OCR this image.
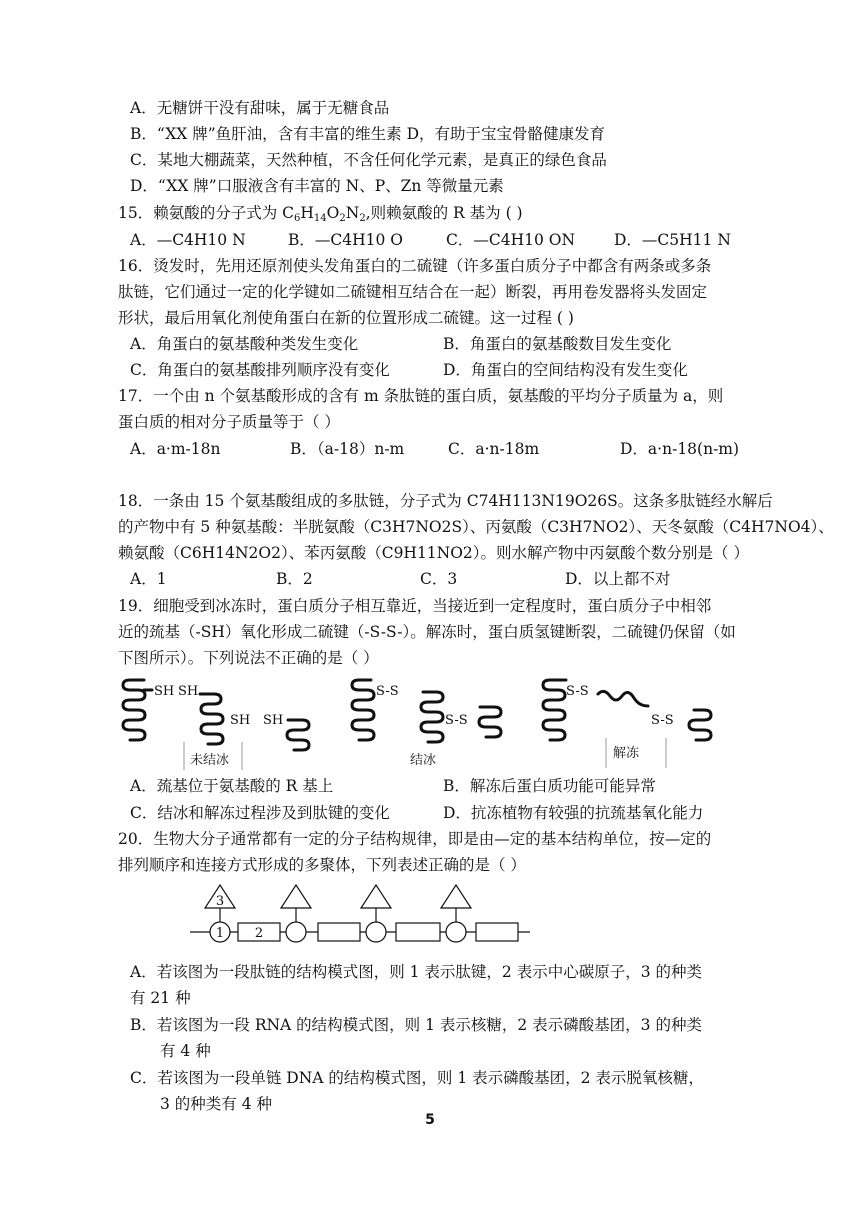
A．无糖饼干没有甜味，属于无糖食品
B．“XX 牌”鱼肝油，含有丰富的维生素 D，有助于宝宝骨骼健康发育
C．某地大棚蔬菜，天然种植，不含任何化学元素，是真正的绿色食品
D．“XX 牌”口服液含有丰富的 N、P、Zn 等微量元素
15．赖氨酸的分子式为 $C_6H_{14}O_2N_2$,则赖氨酸的 R 基为 ( )
A．—C4H10 N	B．—C4H10 O	C．—C4H10 ON	D．—C5H11 N
16．烫发时，先用还原剂使头发角蛋白的二硫键（许多蛋白质分子中都含有两条或多条
肽链，它们通过一定的化学键如二硫键相互结合在一起）断裂，再用卷发器将头发固定
形状，最后用氧化剂使角蛋白在新的位置形成二硫键。这一过程 ( )
A．角蛋白的氨基酸种类发生变化	B．角蛋白的氨基酸数目发生变化
C．角蛋白的氨基酸排列顺序没有变化	D．角蛋白的空间结构没有发生变化
17．一个由 n 个氨基酸形成的含有 m 条肽链的蛋白质，氨基酸的平均分子质量为 a，则
蛋白质的相对分子质量等于（ ）
A．a·m-18n	B．（a-18）n-m	C．a·n-18m	D．a·n-18(n-m)
18．一条由 15 个氨基酸组成的多肽链，分子式为 C74H113N19O26S。这条多肽链经水解后
的产物中有 5 种氨基酸：半胱氨酸（C3H7NO2S）、丙氨酸（C3H7NO2）、天冬氨酸（C4H7NO4）、
赖氨酸（C6H14N2O2）、苯丙氨酸（C9H11NO2）。则水解产物中丙氨酸个数分别是（ ）
A．1	B．2	C．3	D．以上都不对
19．细胞受到冰冻时，蛋白质分子相互靠近，当接近到一定程度时，蛋白质分子中相邻
近的巯基（-SH）氧化形成二硫键（-S-S-）。解冻时，蛋白质氢键断裂，二硫键仍保留（如
下图所示）。下列说法不正确的是（ ）
SH SH
SH SH
S-S
S-S
S-S
S-S
未结冰	结冰	解冻
A．巯基位于氨基酸的 R 基上	B．解冻后蛋白质功能可能异常
C．结冰和解冻过程涉及到肽键的变化	D．抗冻植物有较强的抗巯基氧化能力
20．生物大分子通常都有一定的分子结构规律，即是由—定的基本结构单位，按—定的
排列顺序和连接方式形成的多聚体，下列表述正确的是（ ）
3
1 2
A．若该图为一段肽链的结构模式图，则 1 表示肽键，2 表示中心碳原子，3 的种类
有 21 种
B．若该图为一段 RNA 的结构模式图，则 1 表示核糖，2 表示磷酸基团，3 的种类
有 4 种
C．若该图为一段单链 DNA 的结构模式图，则 1 表示磷酸基团，2 表示脱氧核糖，
3 的种类有 4 种
5
